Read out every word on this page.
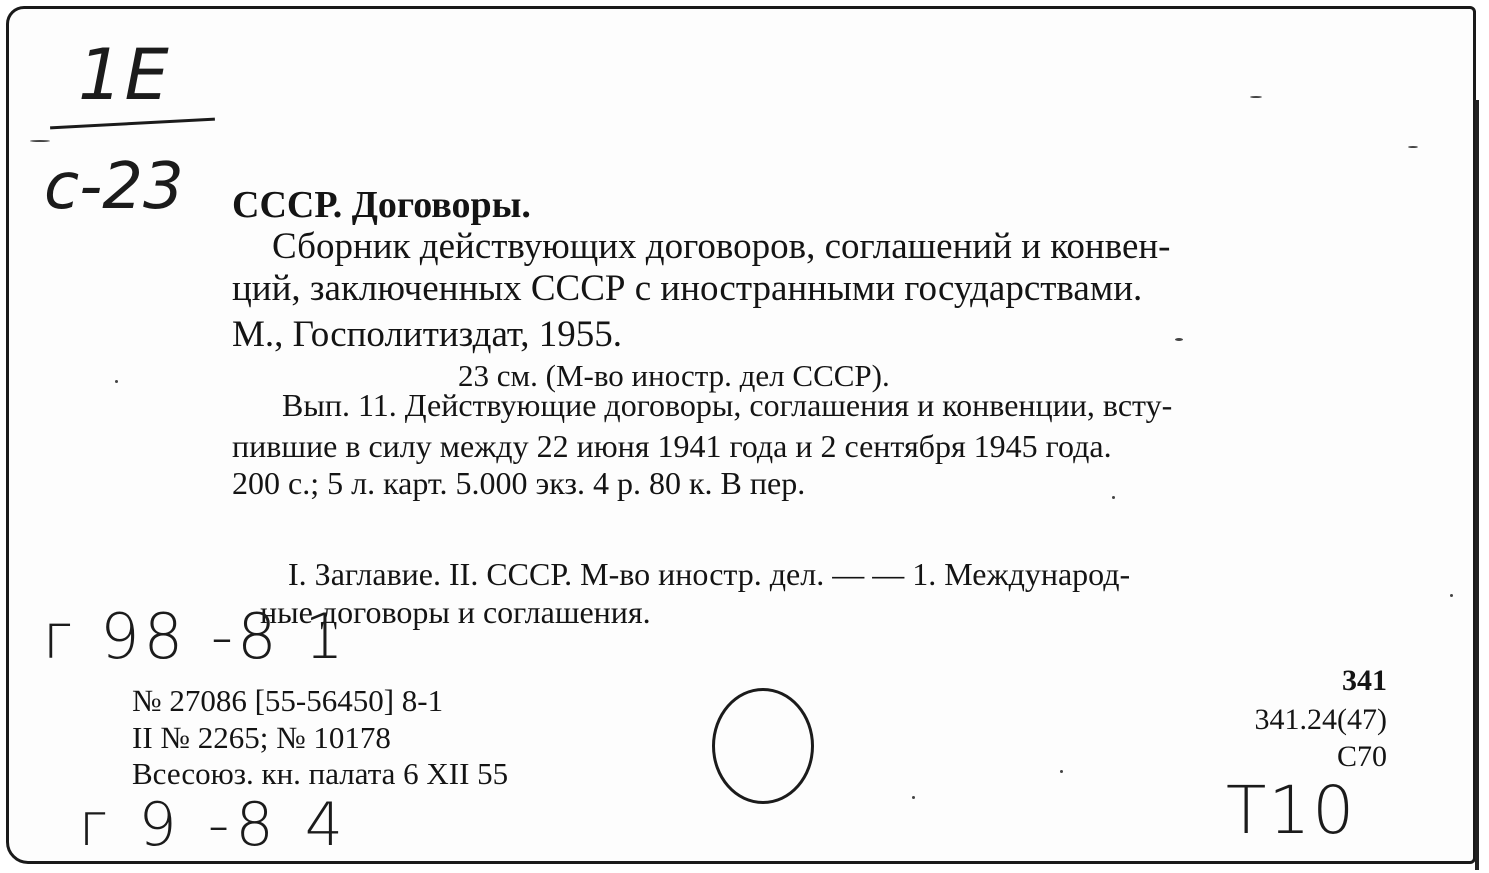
1E
с-23 СССР. Договоры.
Сборник действующих договоров, соглашений и конвен-
ций, заключенных СССР с иностранными государствами.
М., Госполитиздат, 1955.
23 см. (М-во иностр. дел СССР).
Вып. 11. Действующие договоры, соглашения и конвенции, всту-
пившие в силу между 22 июня 1941 года и 2 сентября 1945 года.
200 с.; 5 л. карт. 5.000 экз. 4 р. 80 к. В пер.
I. Заглавие. II. СССР. М-во иностр. дел. — — 1. Международ-
ные договоры и соглашения.
г 98 -8 1
№ 27086 [55-56450] 8-1
II № 2265; № 10178
Всесоюз. кн. палата 6 XII 55
341
341.24(47)
С70
г 9 -8 4	T10
